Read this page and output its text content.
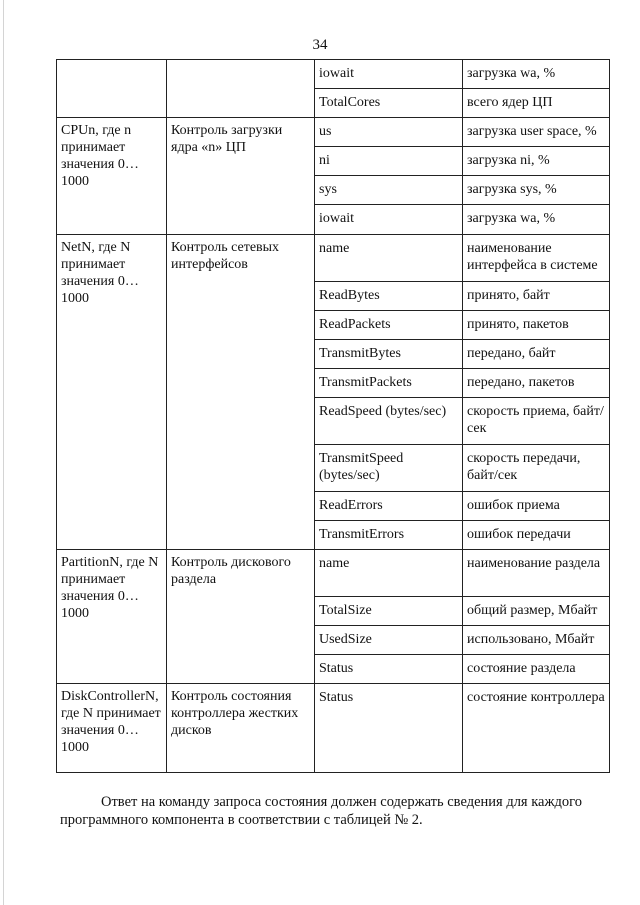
34
		iowait	загрузка wa, %
		TotalCores	всего ядер ЦП
CPUn, где n принимает значения 0…1000	Контроль загрузки ядра «n» ЦП	us	загрузка user space, %
		ni	загрузка ni, %
		sys	загрузка sys, %
		iowait	загрузка wa, %
NetN, где N принимает значения 0…1000	Контроль сетевых интерфейсов	name	наименование интерфейса в системе
		ReadBytes	принято, байт
		ReadPackets	принято, пакетов
		TransmitBytes	передано, байт
		TransmitPackets	передано, пакетов
		ReadSpeed (bytes/sec)	скорость приема, байт/сек
		TransmitSpeed (bytes/sec)	скорость передачи, байт/сек
		ReadErrors	ошибок приема
		TransmitErrors	ошибок передачи
PartitionN, где N принимает значения 0…1000	Контроль дискового раздела	name	наименование раздела
		TotalSize	общий размер, Мбайт
		UsedSize	использовано, Мбайт
		Status	состояние раздела
DiskControllerN, где N принимает значения 0…1000	Контроль состояния контроллера жестких дисков	Status	состояние контроллера
Ответ на команду запроса состояния должен содержать сведения для каждого
программного компонента в соответствии с таблицей № 2.
